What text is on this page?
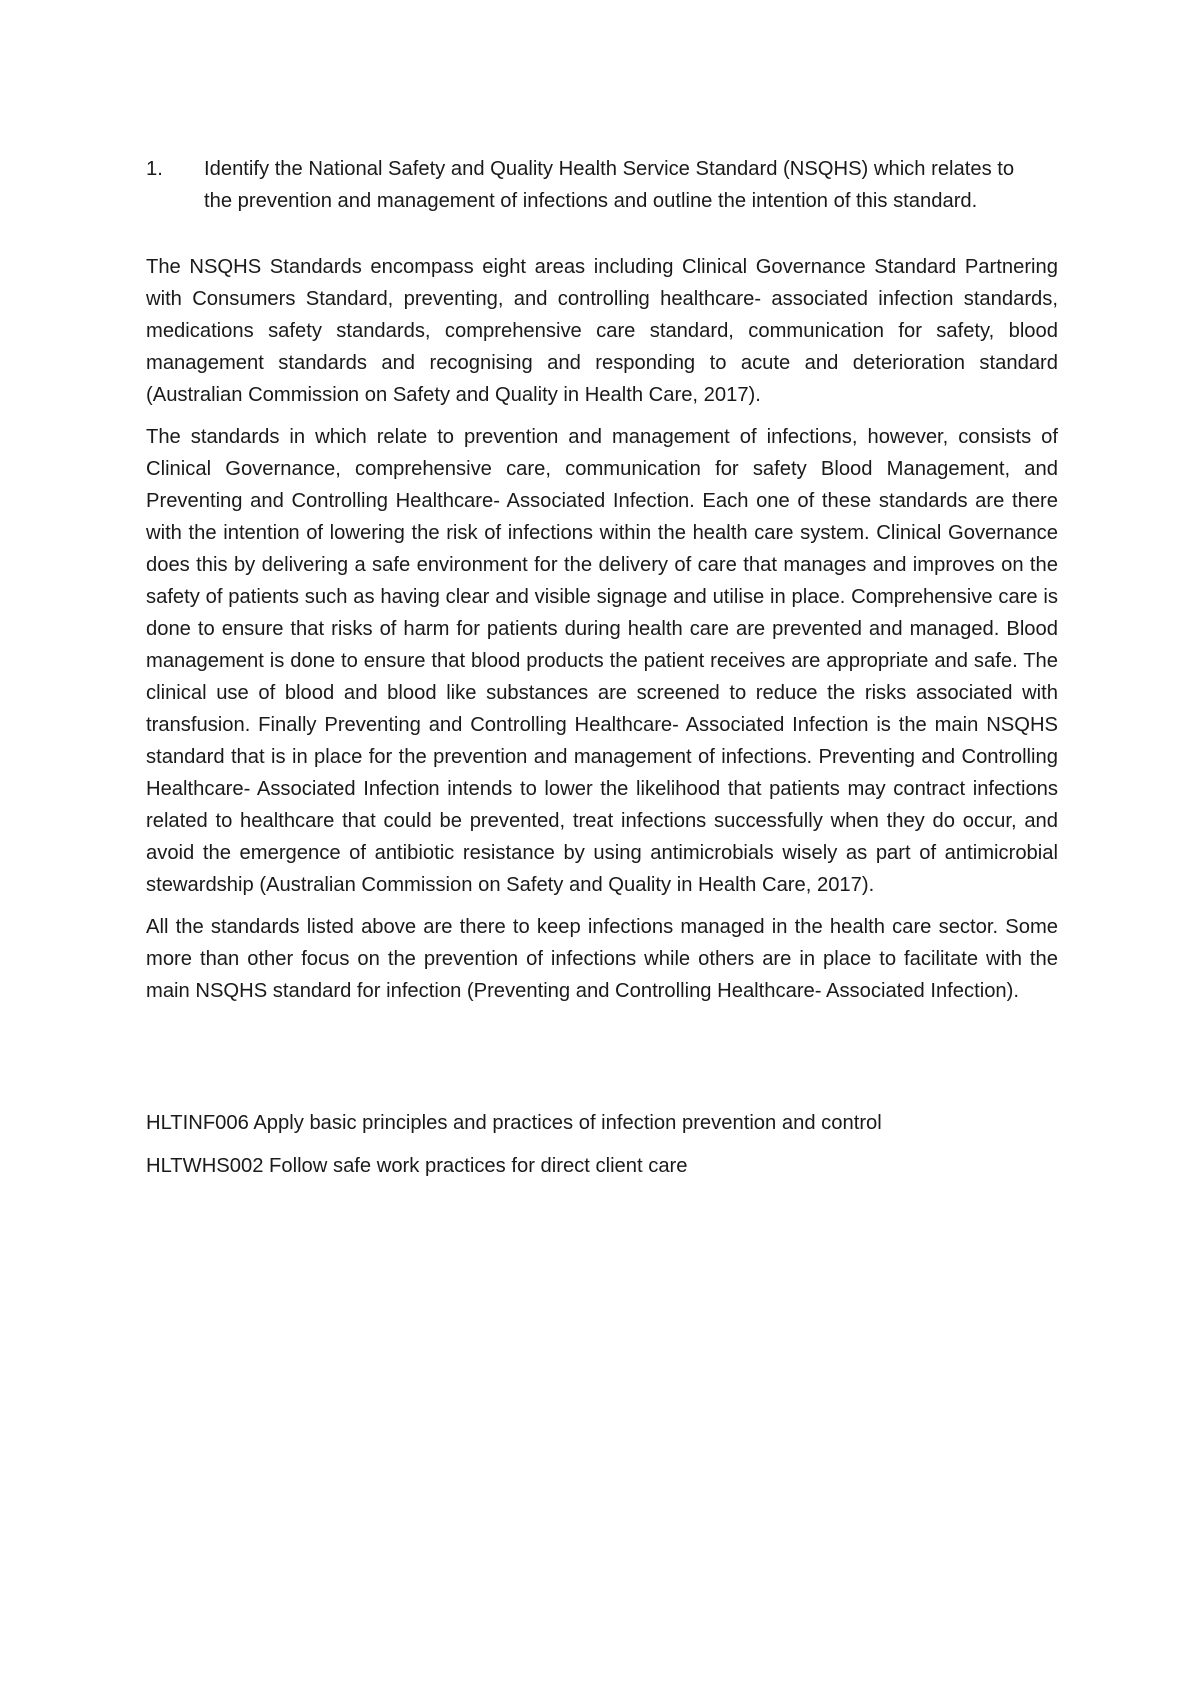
1.	Identify the National Safety and Quality Health Service Standard (NSQHS) which relates to the prevention and management of infections and outline the intention of this standard.

The NSQHS Standards encompass eight areas including Clinical Governance Standard Partnering with Consumers Standard, preventing, and controlling healthcare- associated infection standards, medications safety standards, comprehensive care standard, communication for safety, blood management standards and recognising and responding to acute and deterioration standard (Australian Commission on Safety and Quality in Health Care, 2017).

The standards in which relate to prevention and management of infections, however, consists of Clinical Governance, comprehensive care, communication for safety Blood Management, and Preventing and Controlling Healthcare- Associated Infection. Each one of these standards are there with the intention of lowering the risk of infections within the health care system. Clinical Governance does this by delivering a safe environment for the delivery of care that manages and improves on the safety of patients such as having clear and visible signage and utilise in place. Comprehensive care is done to ensure that risks of harm for patients during health care are prevented and managed. Blood management is done to ensure that blood products the patient receives are appropriate and safe. The clinical use of blood and blood like substances are screened to reduce the risks associated with transfusion. Finally Preventing and Controlling Healthcare- Associated Infection is the main NSQHS standard that is in place for the prevention and management of infections. Preventing and Controlling Healthcare- Associated Infection intends to lower the likelihood that patients may contract infections related to healthcare that could be prevented, treat infections successfully when they do occur, and avoid the emergence of antibiotic resistance by using antimicrobials wisely as part of antimicrobial stewardship (Australian Commission on Safety and Quality in Health Care, 2017).

All the standards listed above are there to keep infections managed in the health care sector. Some more than other focus on the prevention of infections while others are in place to facilitate with the main NSQHS standard for infection (Preventing and Controlling Healthcare- Associated Infection).

HLTINF006 Apply basic principles and practices of infection prevention and control

HLTWHS002 Follow safe work practices for direct client care
